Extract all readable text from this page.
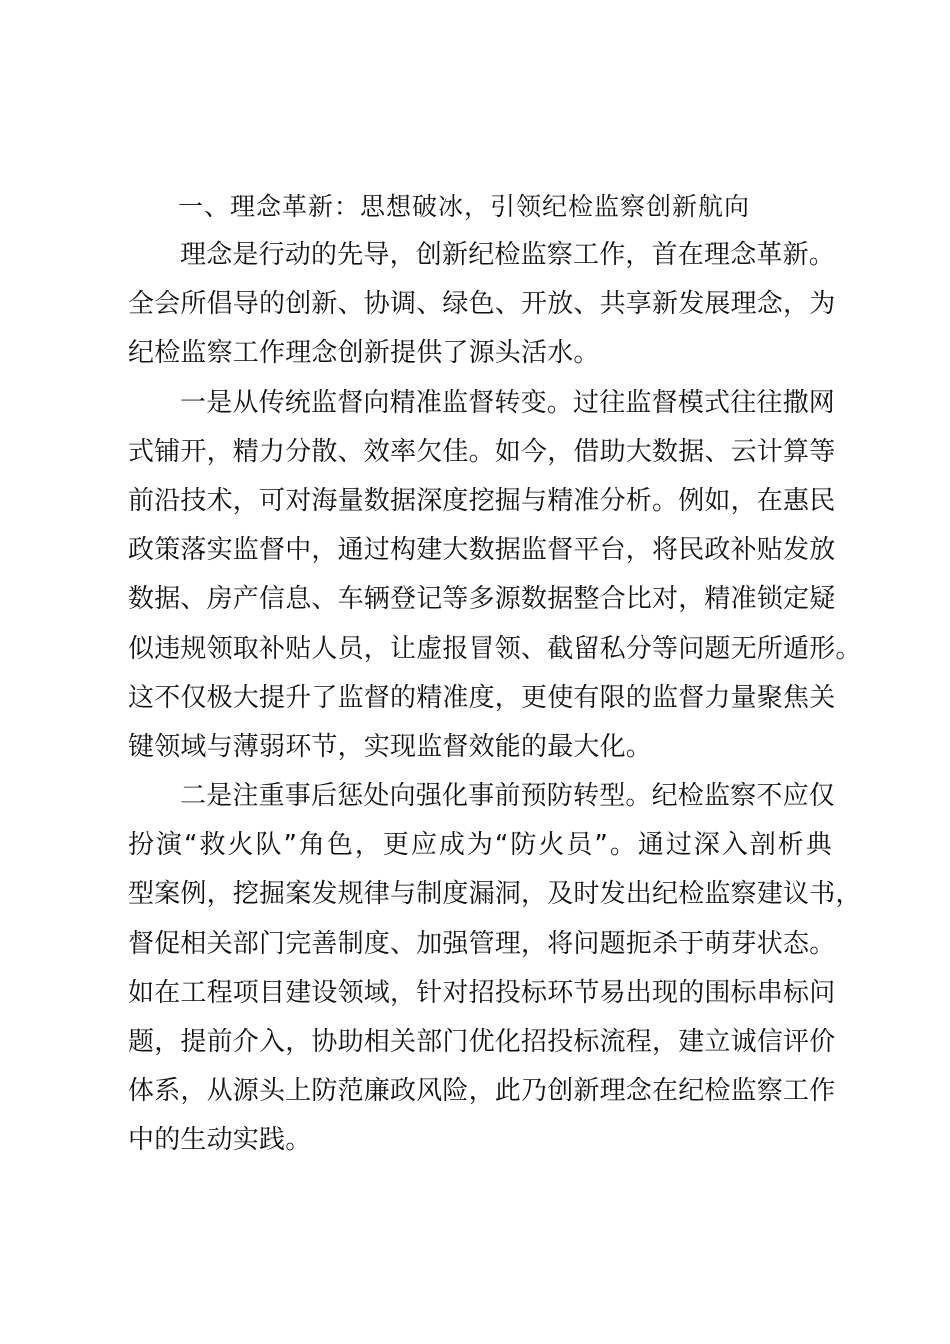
一、理念革新：思想破冰，引领纪检监察创新航向
理念是行动的先导，创新纪检监察工作，首在理念革新。
全会所倡导的创新、协调、绿色、开放、共享新发展理念，为
纪检监察工作理念创新提供了源头活水。
一是从传统监督向精准监督转变。过往监督模式往往撒网
式铺开，精力分散、效率欠佳。如今，借助大数据、云计算等
前沿技术，可对海量数据深度挖掘与精准分析。例如，在惠民
政策落实监督中，通过构建大数据监督平台，将民政补贴发放
数据、房产信息、车辆登记等多源数据整合比对，精准锁定疑
似违规领取补贴人员，让虚报冒领、截留私分等问题无所遁形。
这不仅极大提升了监督的精准度，更使有限的监督力量聚焦关
键领域与薄弱环节，实现监督效能的最大化。
二是注重事后惩处向强化事前预防转型。纪检监察不应仅
扮演“救火队”角色，更应成为“防火员”。通过深入剖析典
型案例，挖掘案发规律与制度漏洞，及时发出纪检监察建议书，
督促相关部门完善制度、加强管理，将问题扼杀于萌芽状态。
如在工程项目建设领域，针对招投标环节易出现的围标串标问
题，提前介入，协助相关部门优化招投标流程，建立诚信评价
体系，从源头上防范廉政风险，此乃创新理念在纪检监察工作
中的生动实践。
